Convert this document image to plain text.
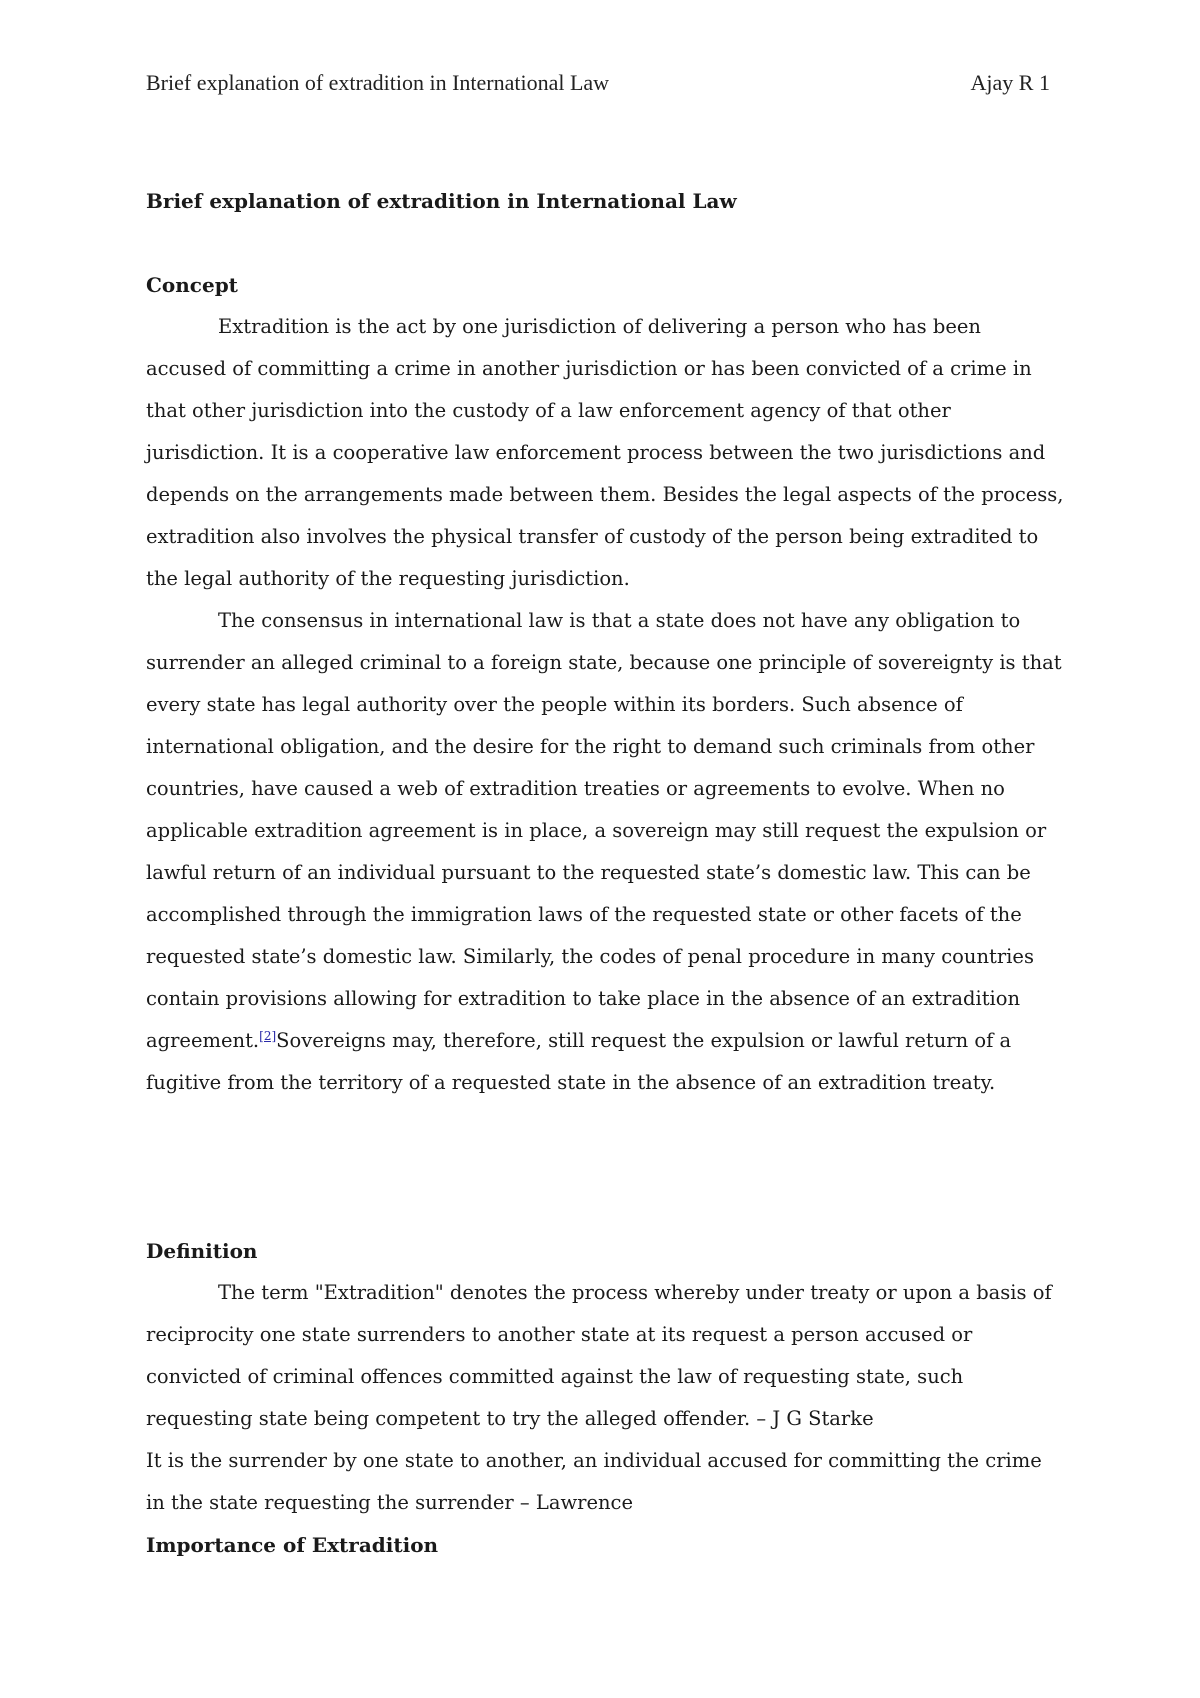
Brief explanation of extradition in International Law	Ajay R 1
Brief explanation of extradition in International Law

Concept

Extradition is the act by one jurisdiction of delivering a person who has been accused of committing a crime in another jurisdiction or has been convicted of a crime in that other jurisdiction into the custody of a law enforcement agency of that other jurisdiction. It is a cooperative law enforcement process between the two jurisdictions and depends on the arrangements made between them. Besides the legal aspects of the process, extradition also involves the physical transfer of custody of the person being extradited to the legal authority of the requesting jurisdiction.

The consensus in international law is that a state does not have any obligation to surrender an alleged criminal to a foreign state, because one principle of sovereignty is that every state has legal authority over the people within its borders. Such absence of international obligation, and the desire for the right to demand such criminals from other countries, have caused a web of extradition treaties or agreements to evolve. When no applicable extradition agreement is in place, a sovereign may still request the expulsion or lawful return of an individual pursuant to the requested state’s domestic law. This can be accomplished through the immigration laws of the requested state or other facets of the requested state’s domestic law. Similarly, the codes of penal procedure in many countries contain provisions allowing for extradition to take place in the absence of an extradition agreement.[2]Sovereigns may, therefore, still request the expulsion or lawful return of a fugitive from the territory of a requested state in the absence of an extradition treaty.

Definition

The term "Extradition" denotes the process whereby under treaty or upon a basis of reciprocity one state surrenders to another state at its request a person accused or convicted of criminal offences committed against the law of requesting state, such requesting state being competent to try the alleged offender. – J G Starke

It is the surrender by one state to another, an individual accused for committing the crime in the state requesting the surrender – Lawrence

Importance of Extradition
